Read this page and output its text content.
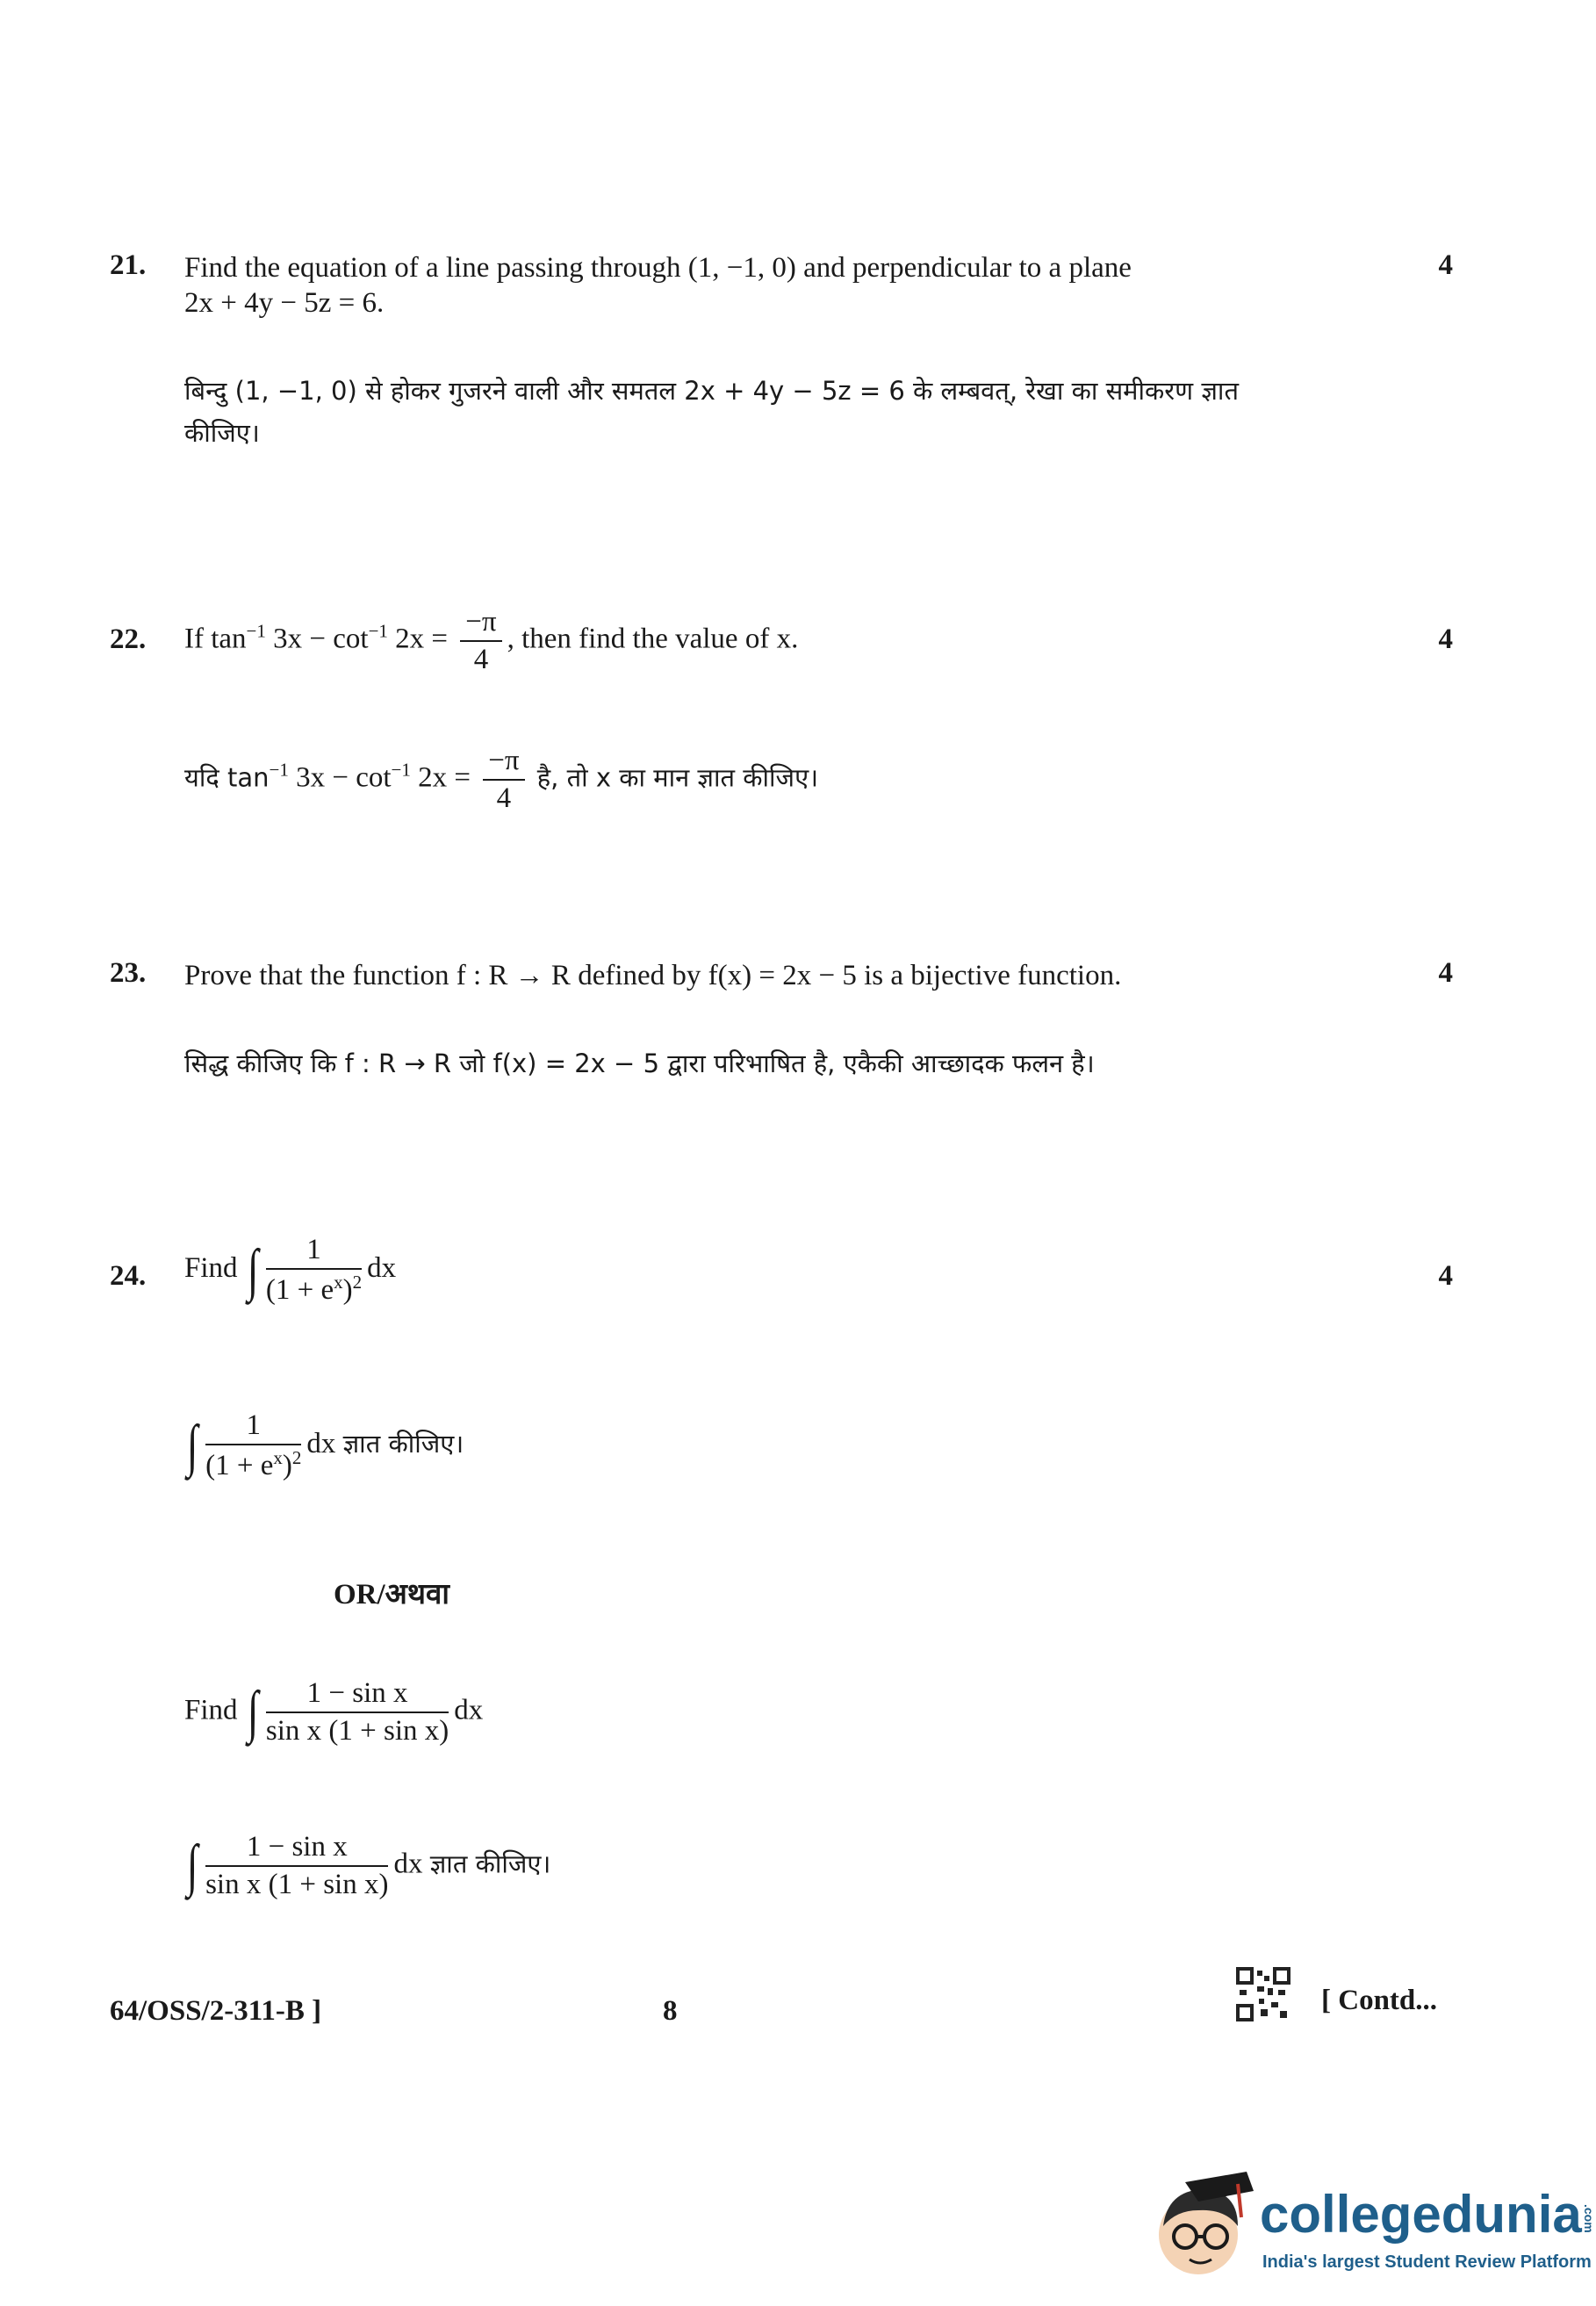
21.	4
Find the equation of a line passing through (1, −1, 0) and perpendicular to a plane
2x + 4y − 5z = 6.
बिन्दु (1, −1, 0) से होकर गुजरने वाली और समतल 2x + 4y − 5z = 6 के लम्बवत्, रेखा का समीकरण ज्ञात
कीजिए।
22.	4
If $\tan^{-1} 3x - \cot^{-1} 2x = \frac{-\pi}{4}$ , then find the value of x.
यदि $\tan^{-1} 3x - \cot^{-1} 2x = \frac{-\pi}{4}$ है, तो x का मान ज्ञात कीजिए।
23.	4
Prove that the function f : R → R defined by f(x) = 2x − 5 is a bijective function.
सिद्ध कीजिए कि f : R → R जो f(x) = 2x − 5 द्वारा परिभाषित है, एकैकी आच्छादक फलन है।
24.	4
Find ∫ $\frac{1}{(1 + e^x)^2}$ dx
∫ $\frac{1}{(1 + e^x)^2}$ dx ज्ञात कीजिए।
OR/अथवा
Find ∫ $\frac{\text{1 − sin x}}{\text{sin x (1 + sin x)}}$ dx
∫ $\frac{\text{1 − sin x}}{\text{sin x (1 + sin x)}}$ dx ज्ञात कीजिए।
64/OSS/2-311-B ]	8	[ Contd...
collegedunia.com
India's largest Student Review Platform
